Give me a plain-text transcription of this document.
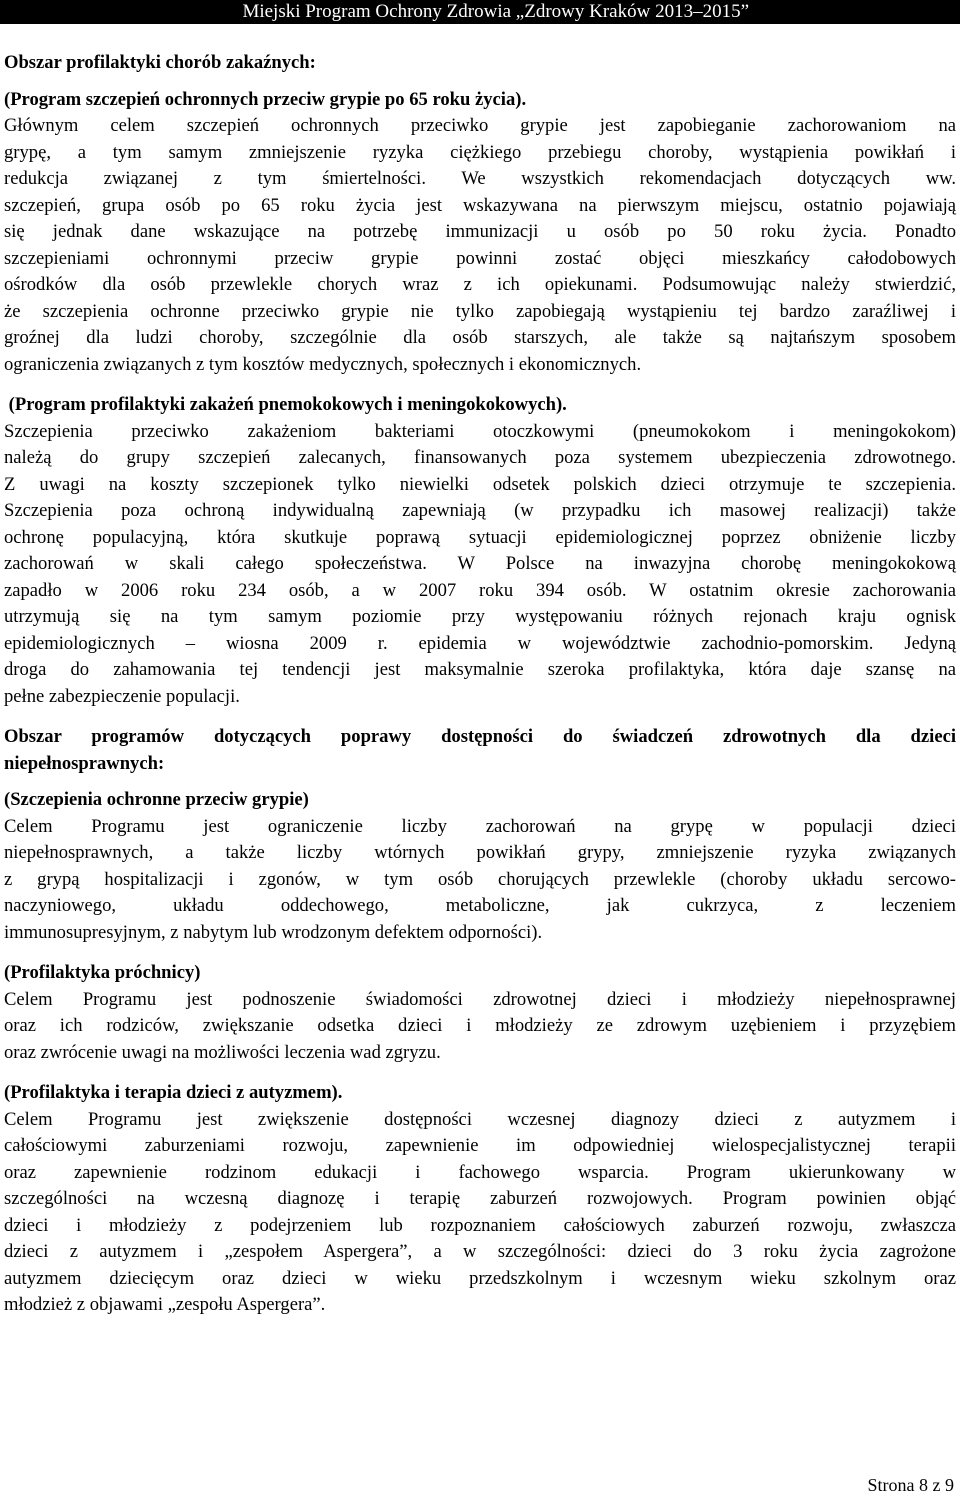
Miejski Program Ochrony Zdrowia „Zdrowy Kraków 2013–2015”
Obszar profilaktyki chorób zakaźnych:
(Program szczepień ochronnych przeciw grypie po 65 roku życia).
Głównym celem szczepień ochronnych przeciwko grypie jest zapobieganie zachorowaniom na
grypę, a tym samym zmniejszenie ryzyka ciężkiego przebiegu choroby, wystąpienia powikłań i
redukcja związanej z tym śmiertelności. We wszystkich rekomendacjach dotyczących ww.
szczepień, grupa osób po 65 roku życia jest wskazywana na pierwszym miejscu, ostatnio pojawiają
się jednak dane wskazujące na potrzebę immunizacji u osób po 50 roku życia. Ponadto
szczepieniami ochronnymi przeciw grypie powinni zostać objęci mieszkańcy całodobowych
ośrodków dla osób przewlekle chorych wraz z ich opiekunami. Podsumowując należy stwierdzić,
że szczepienia ochronne przeciwko grypie nie tylko zapobiegają wystąpieniu tej bardzo zaraźliwej i
groźnej dla ludzi choroby, szczególnie dla osób starszych, ale także są najtańszym sposobem
ograniczenia związanych z tym kosztów medycznych, społecznych i ekonomicznych.
(Program profilaktyki zakażeń pnemokokowych i meningokokowych).
Szczepienia przeciwko zakażeniom bakteriami otoczkowymi (pneumokokom i meningokokom)
należą do grupy szczepień zalecanych, finansowanych poza systemem ubezpieczenia zdrowotnego.
Z uwagi na koszty szczepionek tylko niewielki odsetek polskich dzieci otrzymuje te szczepienia.
Szczepienia poza ochroną indywidualną zapewniają (w przypadku ich masowej realizacji) także
ochronę populacyjną, która skutkuje poprawą sytuacji epidemiologicznej poprzez obniżenie liczby
zachorowań w skali całego społeczeństwa. W Polsce na inwazyjna chorobę meningokokową
zapadło w 2006 roku 234 osób, a w 2007 roku 394 osób. W ostatnim okresie zachorowania
utrzymują się na tym samym poziomie przy występowaniu różnych rejonach kraju ognisk
epidemiologicznych – wiosna 2009 r. epidemia w województwie zachodnio-pomorskim. Jedyną
droga do zahamowania tej tendencji jest maksymalnie szeroka profilaktyka, która daje szansę na
pełne zabezpieczenie populacji.
Obszar programów dotyczących poprawy dostępności do świadczeń zdrowotnych dla dzieci
niepełnosprawnych:
(Szczepienia ochronne przeciw grypie)
Celem Programu jest ograniczenie liczby zachorowań na grypę w populacji dzieci
niepełnosprawnych, a także liczby wtórnych powikłań grypy, zmniejszenie ryzyka związanych
z grypą hospitalizacji i zgonów, w tym osób chorujących przewlekle (choroby układu sercowo-
naczyniowego, układu oddechowego, metaboliczne, jak cukrzyca, z leczeniem
immunosupresyjnym, z nabytym lub wrodzonym defektem odporności).
(Profilaktyka próchnicy)
Celem Programu jest podnoszenie świadomości zdrowotnej dzieci i młodzieży niepełnosprawnej
oraz ich rodziców, zwiększanie odsetka dzieci i młodzieży ze zdrowym uzębieniem i przyzębiem
oraz zwrócenie uwagi na możliwości leczenia wad zgryzu.
(Profilaktyka i terapia dzieci z autyzmem).
Celem Programu jest zwiększenie dostępności wczesnej diagnozy dzieci z autyzmem i
całościowymi zaburzeniami rozwoju, zapewnienie im odpowiedniej wielospecjalistycznej terapii
oraz zapewnienie rodzinom edukacji i fachowego wsparcia. Program ukierunkowany w
szczególności na wczesną diagnozę i terapię zaburzeń rozwojowych. Program powinien objąć
dzieci i młodzieży z podejrzeniem lub rozpoznaniem całościowych zaburzeń rozwoju, zwłaszcza
dzieci z autyzmem i „zespołem Aspergera”, a w szczególności: dzieci do 3 roku życia zagrożone
autyzmem dziecięcym oraz dzieci w wieku przedszkolnym i wczesnym wieku szkolnym oraz
młodzież z objawami „zespołu Aspergera”.
Strona 8 z 9
